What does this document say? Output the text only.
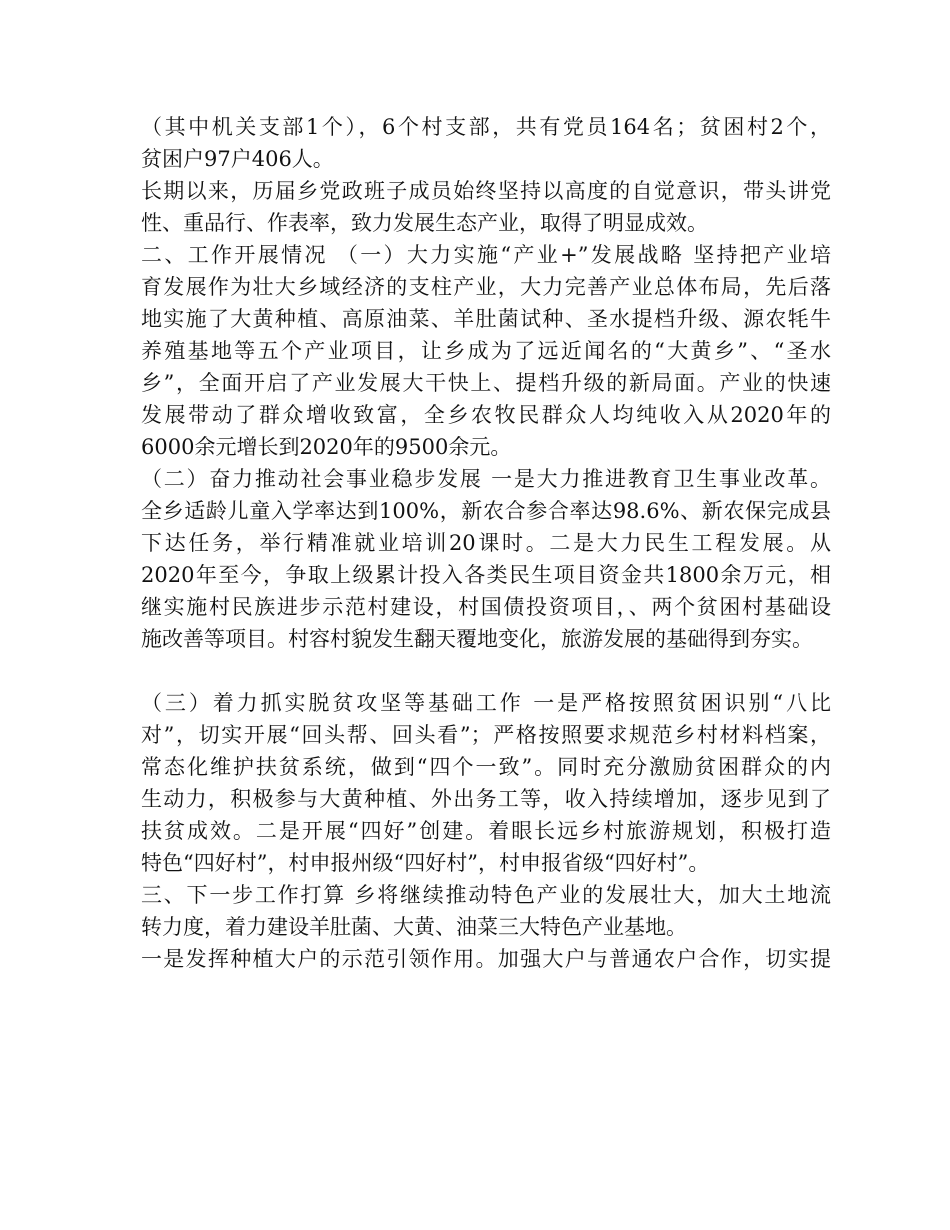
（其中机关支部1个），6个村支部，共有党员164名；贫困村2个，
贫困户97户406人。
长期以来，历届乡党政班子成员始终坚持以高度的自觉意识，带头讲党
性、重品行、作表率，致力发展生态产业，取得了明显成效。
二、工作开展情况 （一）大力实施“产业+”发展战略 坚持把产业培
育发展作为壮大乡域经济的支柱产业，大力完善产业总体布局，先后落
地实施了大黄种植、高原油菜、羊肚菌试种、圣水提档升级、源农牦牛
养殖基地等五个产业项目，让乡成为了远近闻名的“大黄乡”、“圣水
乡”，全面开启了产业发展大干快上、提档升级的新局面。产业的快速
发展带动了群众增收致富，全乡农牧民群众人均纯收入从2020年的
6000余元增长到2020年的9500余元。
（二）奋力推动社会事业稳步发展 一是大力推进教育卫生事业改革。
全乡适龄儿童入学率达到100%，新农合参合率达98.6%、新农保完成县
下达任务，举行精准就业培训20课时。二是大力民生工程发展。从
2020年至今，争取上级累计投入各类民生项目资金共1800余万元，相
继实施村民族进步示范村建设，村国债投资项目，、两个贫困村基础设
施改善等项目。村容村貌发生翻天覆地变化，旅游发展的基础得到夯实。
（三）着力抓实脱贫攻坚等基础工作 一是严格按照贫困识别“八比
对”，切实开展“回头帮、回头看”；严格按照要求规范乡村材料档案，
常态化维护扶贫系统，做到“四个一致”。同时充分激励贫困群众的内
生动力，积极参与大黄种植、外出务工等，收入持续增加，逐步见到了
扶贫成效。二是开展“四好”创建。着眼长远乡村旅游规划，积极打造
特色“四好村”，村申报州级“四好村”，村申报省级“四好村”。
三、下一步工作打算 乡将继续推动特色产业的发展壮大，加大土地流
转力度，着力建设羊肚菌、大黄、油菜三大特色产业基地。
一是发挥种植大户的示范引领作用。加强大户与普通农户合作，切实提
